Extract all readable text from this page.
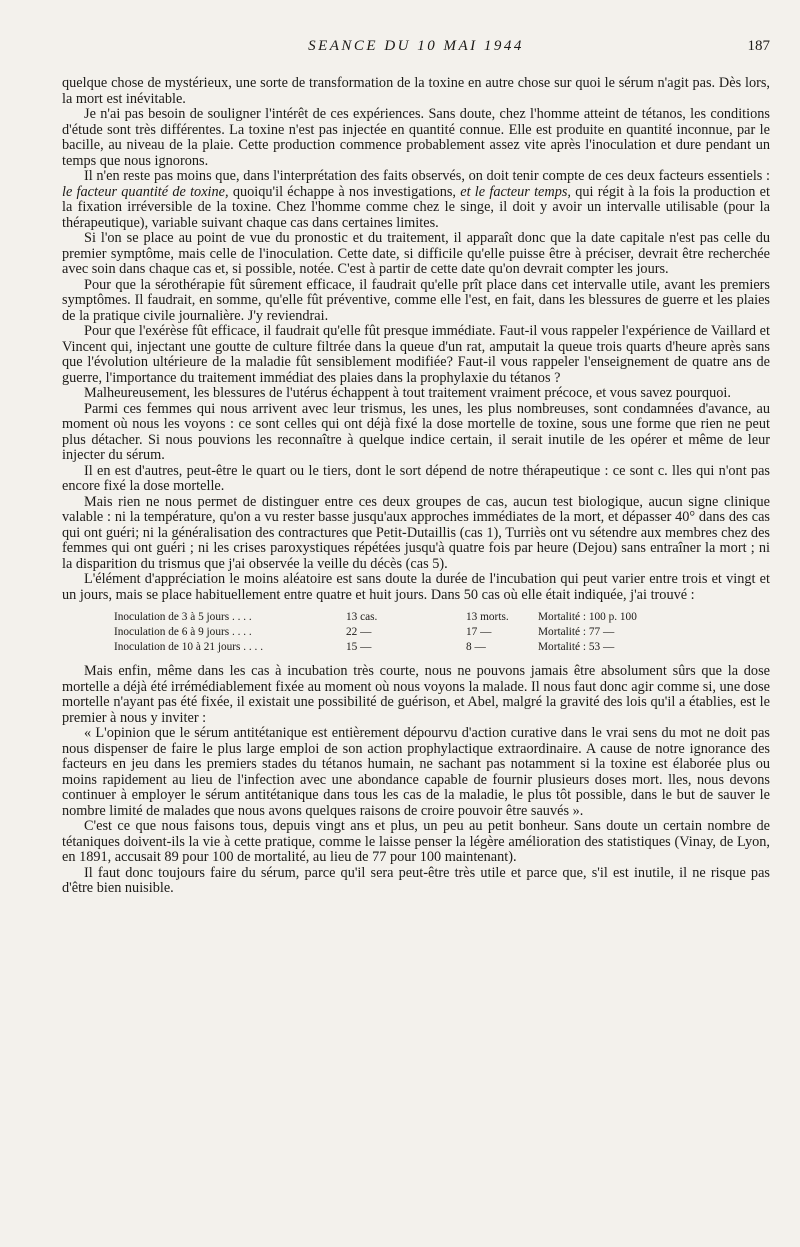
SEANCE DU 10 MAI 1944	187

quelque chose de mystérieux, une sorte de transformation de la toxine en autre chose sur quoi le sérum n'agit pas. Dès lors, la mort est inévitable.

Je n'ai pas besoin de souligner l'intérêt de ces expériences. Sans doute, chez l'homme atteint de tétanos, les conditions d'étude sont très différentes. La toxine n'est pas injectée en quantité connue. Elle est produite en quantité inconnue, par le bacille, au niveau de la plaie. Cette production commence probablement assez vite après l'inoculation et dure pendant un temps que nous ignorons.

Il n'en reste pas moins que, dans l'interprétation des faits observés, on doit tenir compte de ces deux facteurs essentiels : le facteur quantité de toxine, quoiqu'il échappe à nos investigations, et le facteur temps, qui régit à la fois la production et la fixation irréversible de la toxine. Chez l'homme comme chez le singe, il doit y avoir un intervalle utilisable (pour la thérapeutique), variable suivant chaque cas dans certaines limites.

Si l'on se place au point de vue du pronostic et du traitement, il apparaît donc que la date capitale n'est pas celle du premier symptôme, mais celle de l'inoculation. Cette date, si difficile qu'elle puisse être à préciser, devrait être recherchée avec soin dans chaque cas et, si possible, notée. C'est à partir de cette date qu'on devrait compter les jours.

Pour que la sérothérapie fût sûrement efficace, il faudrait qu'elle prît place dans cet intervalle utile, avant les premiers symptômes. Il faudrait, en somme, qu'elle fût préventive, comme elle l'est, en fait, dans les blessures de guerre et les plaies de la pratique civile journalière. J'y reviendrai.

Pour que l'exérèse fût efficace, il faudrait qu'elle fût presque immédiate. Faut-il vous rappeler l'expérience de Vaillard et Vincent qui, injectant une goutte de culture filtrée dans la queue d'un rat, amputait la queue trois quarts d'heure après sans que l'évolution ultérieure de la maladie fût sensiblement modifiée? Faut-il vous rappeler l'enseignement de quatre ans de guerre, l'importance du traitement immédiat des plaies dans la prophylaxie du tétanos ?

Malheureusement, les blessures de l'utérus échappent à tout traitement vraiment précoce, et vous savez pourquoi.

Parmi ces femmes qui nous arrivent avec leur trismus, les unes, les plus nombreuses, sont condamnées d'avance, au moment où nous les voyons : ce sont celles qui ont déjà fixé la dose mortelle de toxine, sous une forme que rien ne peut plus détacher. Si nous pouvions les reconnaître à quelque indice certain, il serait inutile de les opérer et même de leur injecter du sérum.

Il en est d'autres, peut-être le quart ou le tiers, dont le sort dépend de notre thérapeutique : ce sont c. lles qui n'ont pas encore fixé la dose mortelle.

Mais rien ne nous permet de distinguer entre ces deux groupes de cas, aucun test biologique, aucun signe clinique valable : ni la température, qu'on a vu rester basse jusqu'aux approches immédiates de la mort, et dépasser 40° dans des cas qui ont guéri; ni la généralisation des contractures que Petit-Dutaillis (cas 1), Turriès ont vu sétendre aux membres chez des femmes qui ont guéri ; ni les crises paroxystiques répétées jusqu'à quatre fois par heure (Dejou) sans entraîner la mort ; ni la disparition du trismus que j'ai observée la veille du décès (cas 5).

L'élément d'appréciation le moins aléatoire est sans doute la durée de l'incubation qui peut varier entre trois et vingt et un jours, mais se place habituellement entre quatre et huit jours. Dans 50 cas où elle était indiquée, j'ai trouvé :

Inoculation de 3 à 5 jours . . . .	13 cas.	13 morts.	Mortalité : 100 p. 100
Inoculation de 6 à 9 jours . . . .	22 —	17 —	Mortalité : 77 —
Inoculation de 10 à 21 jours . . . .	15 —	8 —	Mortalité : 53 —

Mais enfin, même dans les cas à incubation très courte, nous ne pouvons jamais être absolument sûrs que la dose mortelle a déjà été irrémédiablement fixée au moment où nous voyons la malade. Il nous faut donc agir comme si, une dose mortelle n'ayant pas été fixée, il existait une possibilité de guérison, et Abel, malgré la gravité des lois qu'il a établies, est le premier à nous y inviter :

« L'opinion que le sérum antitétanique est entièrement dépourvu d'action curative dans le vrai sens du mot ne doit pas nous dispenser de faire le plus large emploi de son action prophylactique extraordinaire. A cause de notre ignorance des facteurs en jeu dans les premiers stades du tétanos humain, ne sachant pas notamment si la toxine est élaborée plus ou moins rapidement au lieu de l'infection avec une abondance capable de fournir plusieurs doses mort. lles, nous devons continuer à employer le sérum antitétanique dans tous les cas de la maladie, le plus tôt possible, dans le but de sauver le nombre limité de malades que nous avons quelques raisons de croire pouvoir être sauvés ».

C'est ce que nous faisons tous, depuis vingt ans et plus, un peu au petit bonheur. Sans doute un certain nombre de tétaniques doivent-ils la vie à cette pratique, comme le laisse penser la légère amélioration des statistiques (Vinay, de Lyon, en 1891, accusait 89 pour 100 de mortalité, au lieu de 77 pour 100 maintenant).

Il faut donc toujours faire du sérum, parce qu'il sera peut-être très utile et parce que, s'il est inutile, il ne risque pas d'être bien nuisible.
